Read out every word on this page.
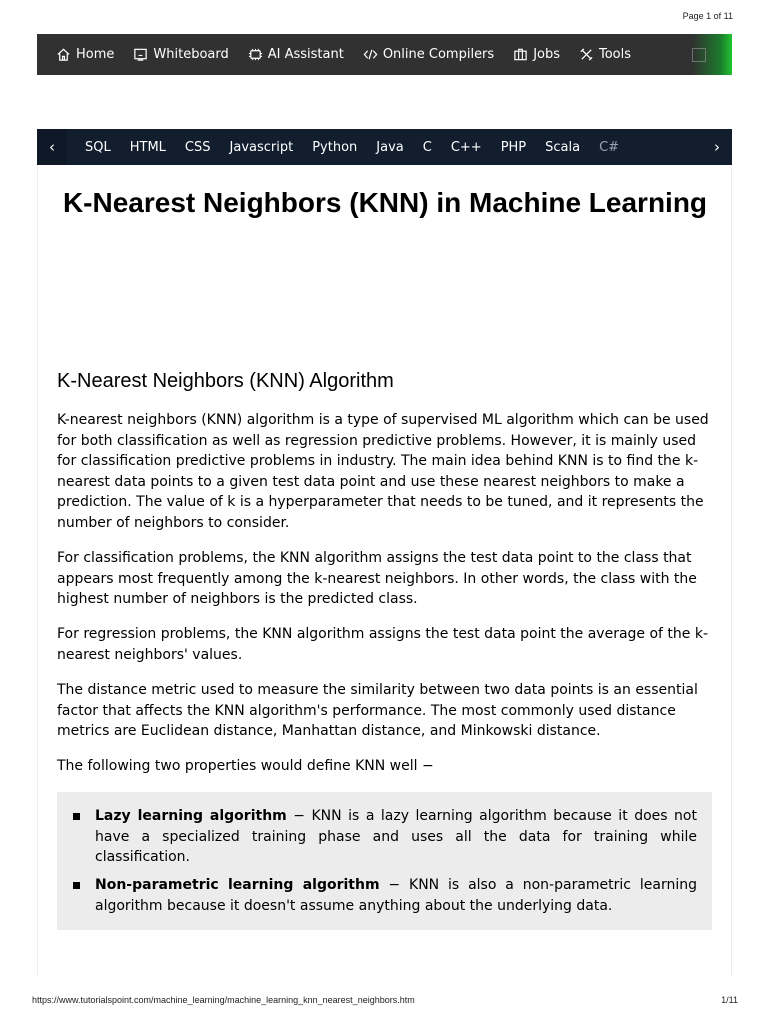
Page 1 of 11
Home	Whiteboard	AI Assistant	Online Compilers	Jobs	Tools
‹	SQL HTML CSS Javascript Python Java C C++ PHP Scala C#	›
K-Nearest Neighbors (KNN) in Machine Learning
K-Nearest Neighbors (KNN) Algorithm

K-nearest neighbors (KNN) algorithm is a type of supervised ML algorithm which can be used for both classification as well as regression predictive problems. However, it is mainly used for classification predictive problems in industry. The main idea behind KNN is to find the k-nearest data points to a given test data point and use these nearest neighbors to make a prediction. The value of k is a hyperparameter that needs to be tuned, and it represents the number of neighbors to consider.

For classification problems, the KNN algorithm assigns the test data point to the class that appears most frequently among the k-nearest neighbors. In other words, the class with the highest number of neighbors is the predicted class.

For regression problems, the KNN algorithm assigns the test data point the average of the k-nearest neighbors' values.

The distance metric used to measure the similarity between two data points is an essential factor that affects the KNN algorithm's performance. The most commonly used distance metrics are Euclidean distance, Manhattan distance, and Minkowski distance.

The following two properties would define KNN well −

Lazy learning algorithm − KNN is a lazy learning algorithm because it does not have a specialized training phase and uses all the data for training while classification.
Non-parametric learning algorithm − KNN is also a non-parametric learning algorithm because it doesn't assume anything about the underlying data.
https://www.tutorialspoint.com/machine_learning/machine_learning_knn_nearest_neighbors.htm	1/11
